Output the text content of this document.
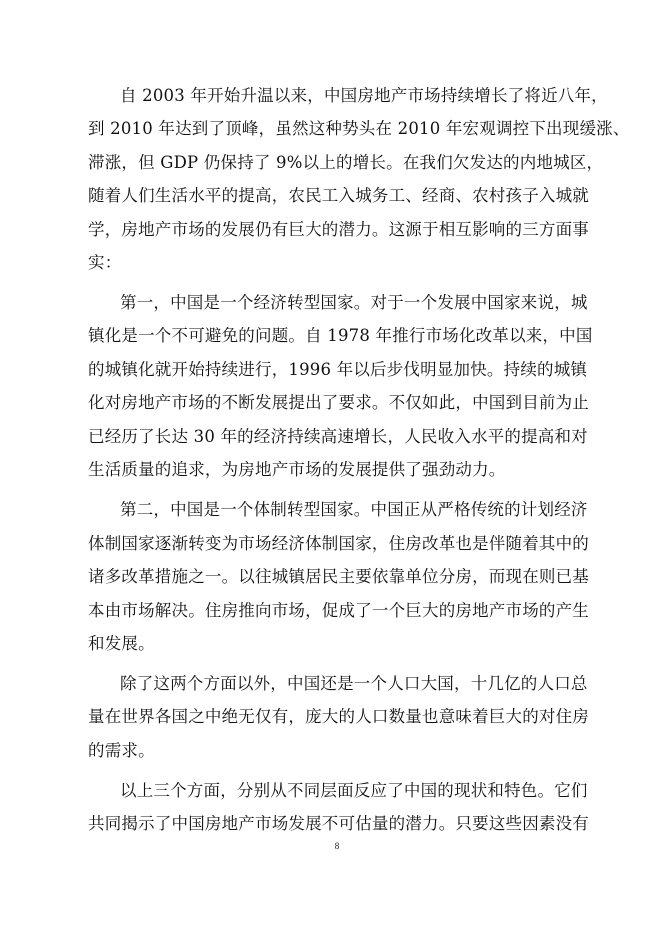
自 2003 年开始升温以来，中国房地产市场持续增长了将近八年，
到 2010 年达到了顶峰，虽然这种势头在 2010 年宏观调控下出现缓涨、
滞涨，但 GDP 仍保持了 9%以上的增长。在我们欠发达的内地城区，
随着人们生活水平的提高，农民工入城务工、经商、农村孩子入城就
学，房地产市场的发展仍有巨大的潜力。这源于相互影响的三方面事
实：
第一，中国是一个经济转型国家。对于一个发展中国家来说，城
镇化是一个不可避免的问题。自 1978 年推行市场化改革以来，中国
的城镇化就开始持续进行，1996 年以后步伐明显加快。持续的城镇
化对房地产市场的不断发展提出了要求。不仅如此，中国到目前为止
已经历了长达 30 年的经济持续高速增长，人民收入水平的提高和对
生活质量的追求，为房地产市场的发展提供了强劲动力。
第二，中国是一个体制转型国家。中国正从严格传统的计划经济
体制国家逐渐转变为市场经济体制国家，住房改革也是伴随着其中的
诸多改革措施之一。以往城镇居民主要依靠单位分房，而现在则已基
本由市场解决。住房推向市场，促成了一个巨大的房地产市场的产生
和发展。
除了这两个方面以外，中国还是一个人口大国，十几亿的人口总
量在世界各国之中绝无仅有，庞大的人口数量也意味着巨大的对住房
的需求。
以上三个方面，分别从不同层面反应了中国的现状和特色。它们
共同揭示了中国房地产市场发展不可估量的潜力。只要这些因素没有
8
